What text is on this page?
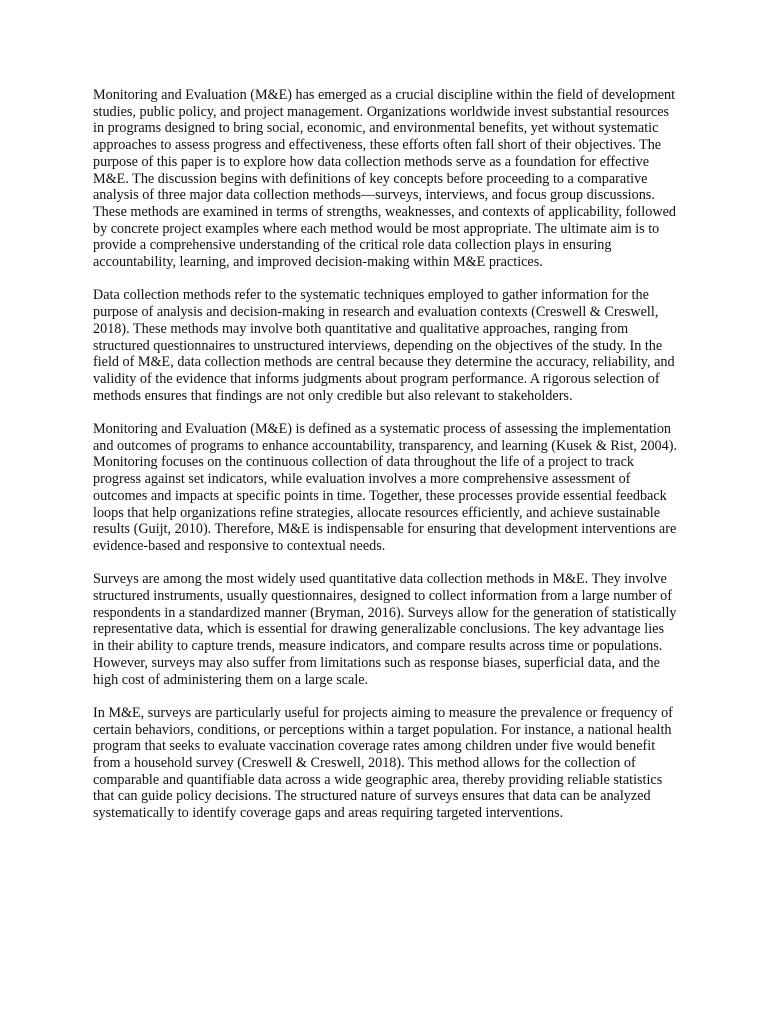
Monitoring and Evaluation (M&E) has emerged as a crucial discipline within the field of development studies, public policy, and project management. Organizations worldwide invest substantial resources in programs designed to bring social, economic, and environmental benefits, yet without systematic approaches to assess progress and effectiveness, these efforts often fall short of their objectives. The purpose of this paper is to explore how data collection methods serve as a foundation for effective M&E. The discussion begins with definitions of key concepts before proceeding to a comparative analysis of three major data collection methods—surveys, interviews, and focus group discussions. These methods are examined in terms of strengths, weaknesses, and contexts of applicability, followed by concrete project examples where each method would be most appropriate. The ultimate aim is to provide a comprehensive understanding of the critical role data collection plays in ensuring accountability, learning, and improved decision-making within M&E practices.

Data collection methods refer to the systematic techniques employed to gather information for the purpose of analysis and decision-making in research and evaluation contexts (Creswell & Creswell, 2018). These methods may involve both quantitative and qualitative approaches, ranging from structured questionnaires to unstructured interviews, depending on the objectives of the study. In the field of M&E, data collection methods are central because they determine the accuracy, reliability, and validity of the evidence that informs judgments about program performance. A rigorous selection of methods ensures that findings are not only credible but also relevant to stakeholders.

Monitoring and Evaluation (M&E) is defined as a systematic process of assessing the implementation and outcomes of programs to enhance accountability, transparency, and learning (Kusek & Rist, 2004). Monitoring focuses on the continuous collection of data throughout the life of a project to track progress against set indicators, while evaluation involves a more comprehensive assessment of outcomes and impacts at specific points in time. Together, these processes provide essential feedback loops that help organizations refine strategies, allocate resources efficiently, and achieve sustainable results (Guijt, 2010). Therefore, M&E is indispensable for ensuring that development interventions are evidence-based and responsive to contextual needs.

Surveys are among the most widely used quantitative data collection methods in M&E. They involve structured instruments, usually questionnaires, designed to collect information from a large number of respondents in a standardized manner (Bryman, 2016). Surveys allow for the generation of statistically representative data, which is essential for drawing generalizable conclusions. The key advantage lies in their ability to capture trends, measure indicators, and compare results across time or populations. However, surveys may also suffer from limitations such as response biases, superficial data, and the high cost of administering them on a large scale.

In M&E, surveys are particularly useful for projects aiming to measure the prevalence or frequency of certain behaviors, conditions, or perceptions within a target population. For instance, a national health program that seeks to evaluate vaccination coverage rates among children under five would benefit from a household survey (Creswell & Creswell, 2018). This method allows for the collection of comparable and quantifiable data across a wide geographic area, thereby providing reliable statistics that can guide policy decisions. The structured nature of surveys ensures that data can be analyzed systematically to identify coverage gaps and areas requiring targeted interventions.
